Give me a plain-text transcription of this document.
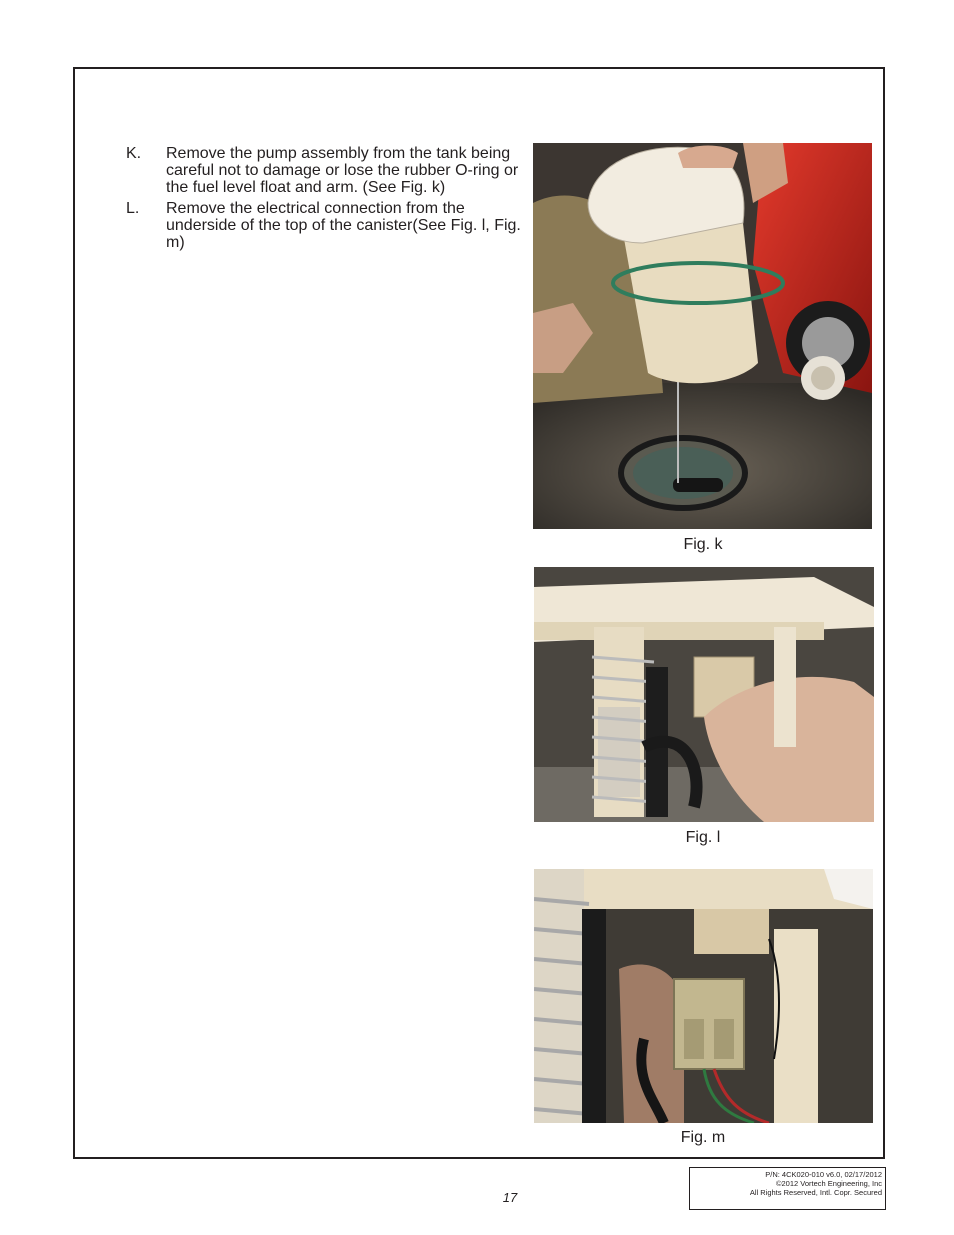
K.	Remove the pump assembly from the tank being careful not to damage or lose the rubber O-ring or the fuel level float and arm. (See Fig. k)
L.	Remove the electrical connection from the underside of the top of the canister(See Fig. l, Fig. m)
Fig. k
Fig. l
Fig. m
17
P/N: 4CK020-010 v6.0, 02/17/2012
©2012 Vortech Engineering, Inc
All Rights Reserved, Intl. Copr. Secured
